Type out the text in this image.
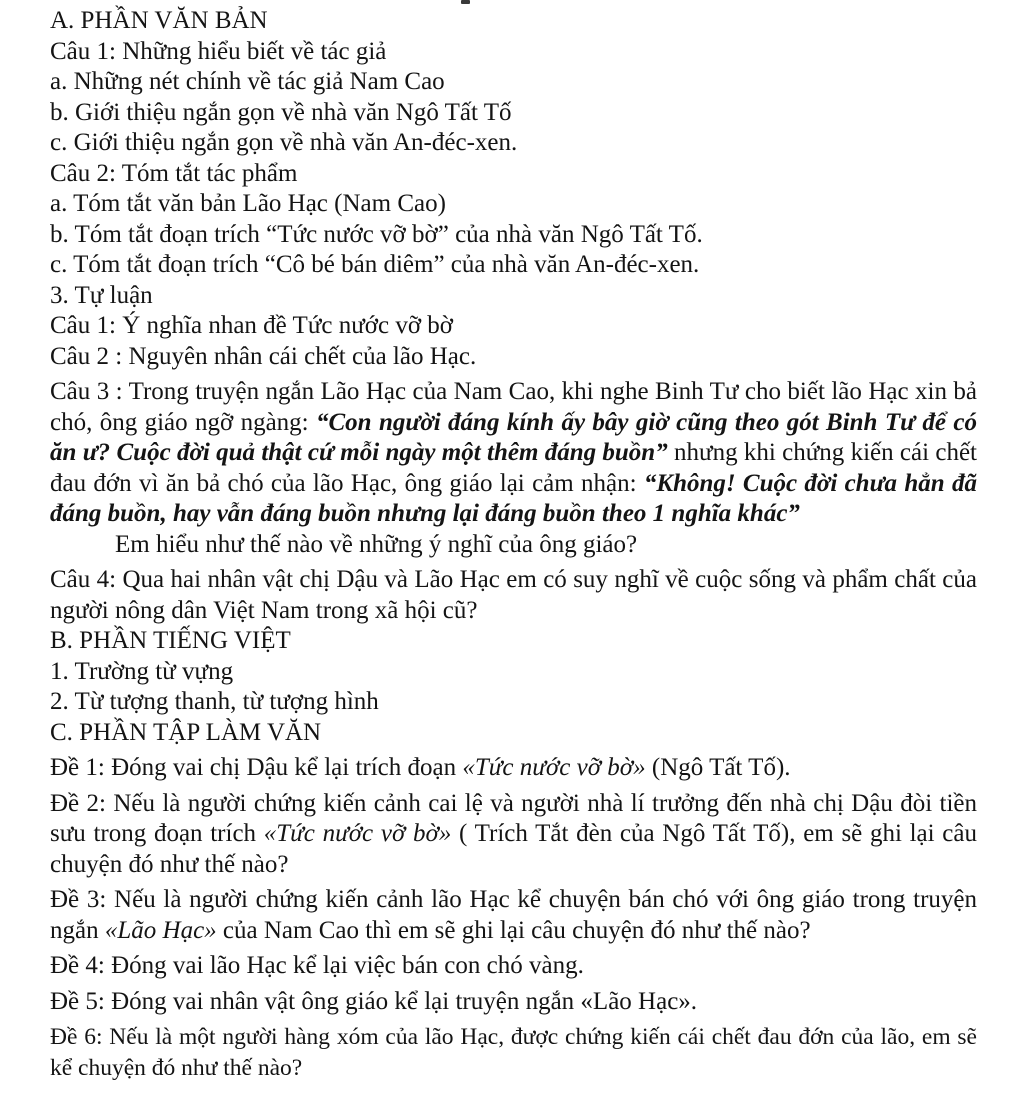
A. PHẦN VĂN BẢN
Câu 1: Những hiểu biết về tác giả
a. Những nét chính về tác giả Nam Cao
b. Giới thiệu ngắn gọn về nhà văn Ngô Tất Tố
c. Giới thiệu ngắn gọn về nhà văn An-đéc-xen.
Câu 2: Tóm tắt tác phẩm
a. Tóm tắt văn bản Lão Hạc (Nam Cao)
b. Tóm tắt đoạn trích “Tức nước vỡ bờ” của nhà văn Ngô Tất Tố.
c. Tóm tắt đoạn trích “Cô bé bán diêm” của nhà văn An-đéc-xen.
3. Tự luận
Câu 1: Ý nghĩa nhan đề Tức nước vỡ bờ
Câu 2 : Nguyên nhân cái chết của lão Hạc.
Câu 3 : Trong truyện ngắn Lão Hạc của Nam Cao, khi nghe Binh Tư cho biết lão Hạc xin bả chó, ông giáo ngỡ ngàng: “Con người đáng kính ấy bây giờ cũng theo gót Binh Tư để có ăn ư? Cuộc đời quả thật cứ mỗi ngày một thêm đáng buồn” nhưng khi chứng kiến cái chết đau đớn vì ăn bả chó của lão Hạc, ông giáo lại cảm nhận: “Không! Cuộc đời chưa hẳn đã đáng buồn, hay vẫn đáng buồn nhưng lại đáng buồn theo 1 nghĩa khác”
Em hiểu như thế nào về những ý nghĩ của ông giáo?
Câu 4: Qua hai nhân vật chị Dậu và Lão Hạc em có suy nghĩ về cuộc sống và phẩm chất của người nông dân Việt Nam trong xã hội cũ?
B. PHẦN TIẾNG VIỆT
1. Trường từ vựng
2. Từ tượng thanh, từ tượng hình
C. PHẦN TẬP LÀM VĂN
Đề 1: Đóng vai chị Dậu kể lại trích đoạn «Tức nước vỡ bờ» (Ngô Tất Tố).
Đề 2: Nếu là người chứng kiến cảnh cai lệ và người nhà lí trưởng đến nhà chị Dậu đòi tiền sưu trong đoạn trích «Tức nước vỡ bờ» ( Trích Tắt đèn của Ngô Tất Tố), em sẽ ghi lại câu chuyện đó như thế nào?
Đề 3: Nếu là người chứng kiến cảnh lão Hạc kể chuyện bán chó với ông giáo trong truyện ngắn «Lão Hạc» của Nam Cao thì em sẽ ghi lại câu chuyện đó như thế nào?
Đề 4: Đóng vai lão Hạc kể lại việc bán con chó vàng.
Đề 5: Đóng vai nhân vật ông giáo kể lại truyện ngắn «Lão Hạc».
Đề 6: Nếu là một người hàng xóm của lão Hạc, được chứng kiến cái chết đau đớn của lão, em sẽ kể chuyện đó như thế nào?
